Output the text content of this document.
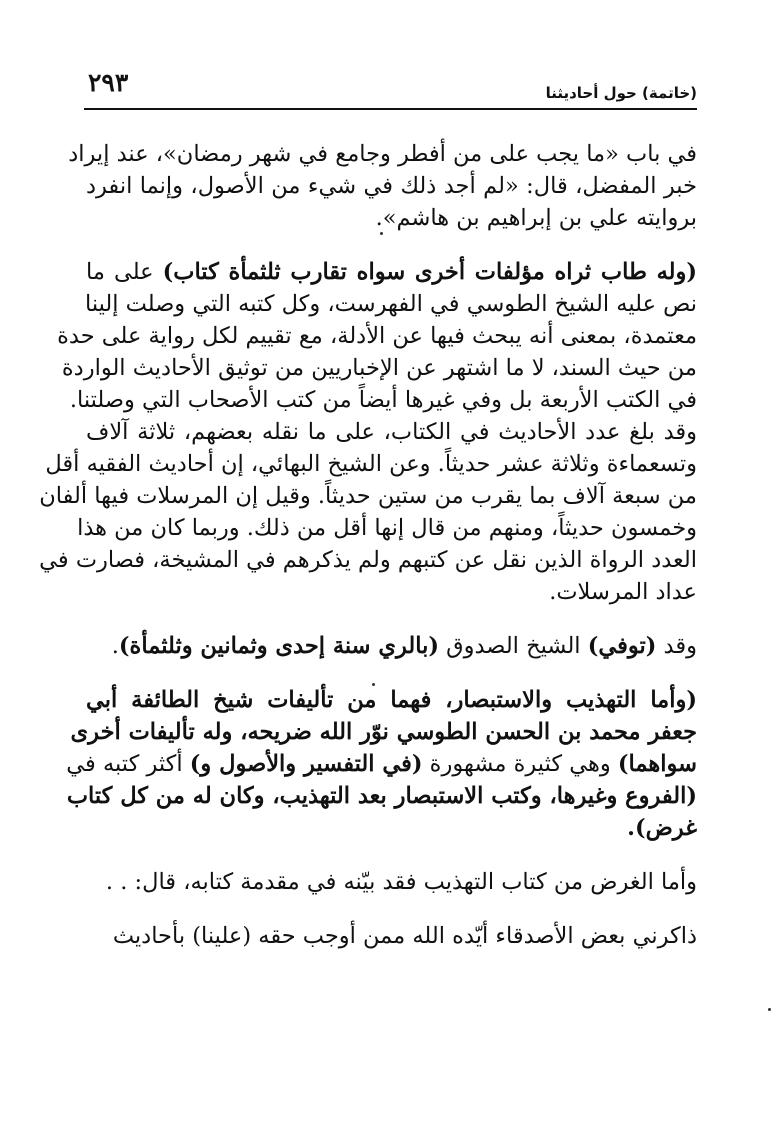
(خاتمة) حول أحاديثنا
٢٩٣

في باب «ما يجب على من أفطر وجامع في شهر رمضان»، عند إيراد
خبر المفضل، قال: «لم أجد ذلك في شيء من الأصول، وإنما انفرد
بروايته علي بن إبراهيم بن هاشم».

(وله طاب ثراه مؤلفات أخرى سواه تقارب ثلثمأة كتاب) على ما
نص عليه الشيخ الطوسي في الفهرست، وكل كتبه التي وصلت إلينا
معتمدة، بمعنى أنه يبحث فيها عن الأدلة، مع تقييم لكل رواية على حدة
من حيث السند، لا ما اشتهر عن الإخباريين من توثيق الأحاديث الواردة
في الكتب الأربعة بل وفي غيرها أيضاً من كتب الأصحاب التي وصلتنا.
وقد بلغ عدد الأحاديث في الكتاب، على ما نقله بعضهم، ثلاثة آلاف
وتسعماءة وثلاثة عشر حديثاً. وعن الشيخ البهائي، إن أحاديث الفقيه أقل
من سبعة آلاف بما يقرب من ستين حديثاً. وقيل إن المرسلات فيها ألفان
وخمسون حديثاً، ومنهم من قال إنها أقل من ذلك. وربما كان من هذا
العدد الرواة الذين نقل عن كتبهم ولم يذكرهم في المشيخة، فصارت في
عداد المرسلات.

وقد (توفي) الشيخ الصدوق (بالري سنة إحدى وثمانين وثلثمأة).

(وأما التهذيب والاستبصار، فهما من تأليفات شيخ الطائفة أبي
جعفر محمد بن الحسن الطوسي نوّر الله ضريحه، وله تأليفات أخرى
سواهما) وهي كثيرة مشهورة (في التفسير والأصول و) أكثر كتبه في
(الفروع وغيرها، وكتب الاستبصار بعد التهذيب، وكان له من كل كتاب
غرض).

وأما الغرض من كتاب التهذيب فقد بيّنه في مقدمة كتابه، قال: . .

ذاكرني بعض الأصدقاء أيّده الله ممن أوجب حقه (علينا) بأحاديث
